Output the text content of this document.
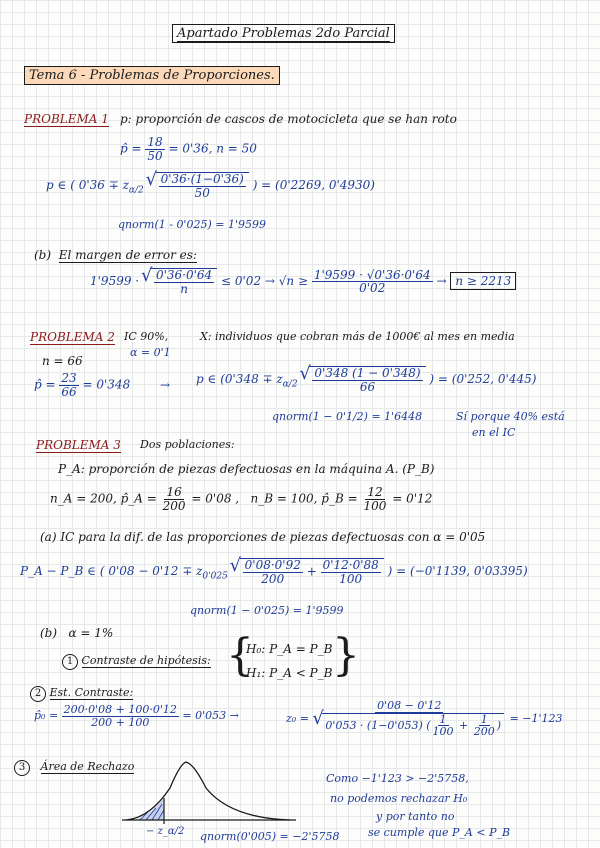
Apartado Problemas 2do Parcial
Tema 6 - Problemas de Proporciones.
PROBLEMA 1 p: proporción de cascos de motocicleta que se han roto
p̂ = $\frac{18}{50} = 0'36$, n = 50
p ∈ ( $0'36 \mp z_{\alpha/2}$ √ $\frac{0'36\cdot(1-0'36)}{50}$ ) = (0'2269, 0'4930)
qnorm(1 - 0'025) = 1'9599
(b) El margen de error es:
1'9599 · √ $\frac{0'36\cdot 0'64}{n} \le 0'02 \to √n \ge \frac{1'9599 \cdot √0'36\cdot 0'64}{0'02} \to n \ge 2213$
PROBLEMA 2 IC 90%,
α = 0'1
X: individuos que cobran más de 1000€ al mes en media
n = 66
p̂ = $\frac{23}{66} = 0'348 \to p$ ∈ ($0'348 \mp z_{\alpha/2}$ √ $\frac{0'348 (1 - 0'348)}{66}$ ) = (0'252, 0'445)
qnorm(1 − 0'1/2) = 1'6448	Sí porque 40% está
en el IC
PROBLEMA 3 Dos poblaciones:
P_A: proporción de piezas defectuosas en la máquina A. (P_B)
n_A = 200, p̂_A = $\frac{16}{200} = 0'08$ , n_B = 100, p̂_B = $\frac{12}{100} = 0'12$
(a) IC para la dif. de las proporciones de piezas defectuosas con α = 0'05
P_A − P_B ∈ ( $0'08 - 0'12 \mp z_{0'025}$ √ $\frac{0'08\cdot 0'92}{200} + \frac{0'12\cdot 0'88}{100}$ ) = (−0'1139, 0'03395)
qnorm(1 − 0'025) = 1'9599
(b) α = 1%
1 Contraste de hipótesis: {
H₀: P_A = P_B
H₁: P_A < P_B }
2 Est. Contraste:
p̂₀ = $\frac{200\cdot 0'08 + 100\cdot 0'12}{200 + 100} = 0'053$ →	z₀ = 0'08 − 0'12
√ 0'053 · (1−0'053) ( $\frac{1}{100} + \frac{1}{200}$ ) = −1'123
3 Área de Rechazo
− z_α/2 qnorm(0'005) = −2'5758
Como −1'123 > −2'5758,
no podemos rechazar H₀
y por tanto no
se cumple que P_A < P_B
